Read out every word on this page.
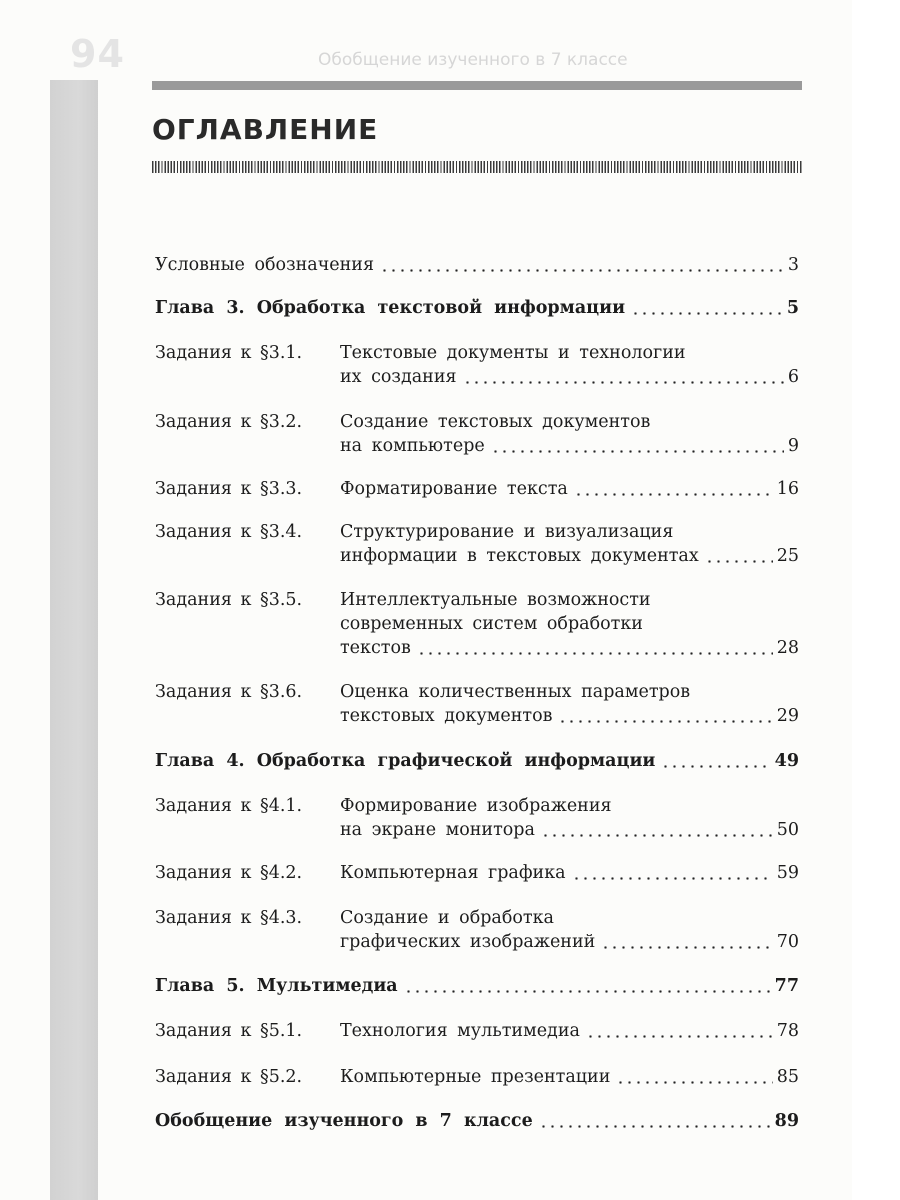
94	Обобщение изученного в 7 классе
ОГЛАВЛЕНИЕ
Условные обозначения	3
Глава 3. Обработка текстовой информации	5
Задания к §3.1.	Текстовые документы и технологии
их создания	6
Задания к §3.2.	Создание текстовых документов
на компьютере	9
Задания к §3.3.	Форматирование текста	16
Задания к §3.4.	Структурирование и визуализация
информации в текстовых документах	25
Задания к §3.5.	Интеллектуальные возможности
современных систем обработки
текстов	28
Задания к §3.6.	Оценка количественных параметров
текстовых документов	29
Глава 4. Обработка графической информации	49
Задания к §4.1.	Формирование изображения
на экране монитора	50
Задания к §4.2.	Компьютерная графика	59
Задания к §4.3.	Создание и обработка
графических изображений	70
Глава 5. Мультимедиа	77
Задания к §5.1.	Технология мультимедиа	78
Задания к §5.2.	Компьютерные презентации	85
Обобщение изученного в 7 классе	89
